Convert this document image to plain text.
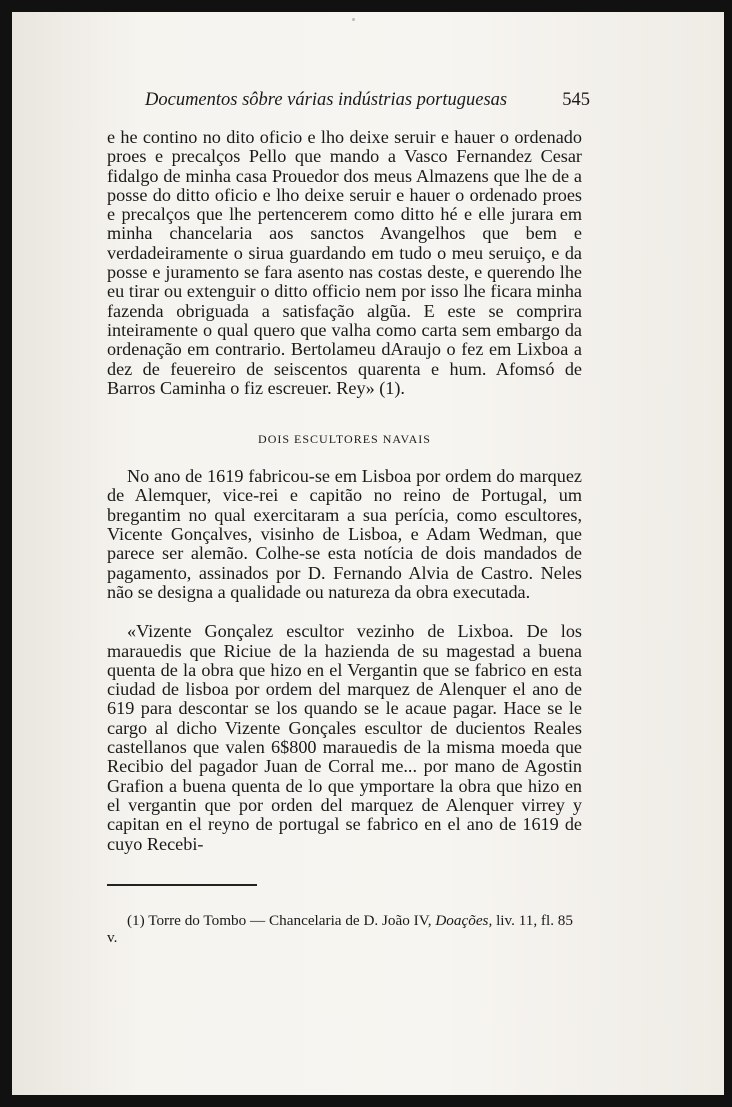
Documentos sôbre várias indústrias portuguesas	545

e he contino no dito oficio e lho deixe seruir e hauer o ordenado proes e precalços Pello que mando a Vasco Fernandez Cesar fidalgo de minha casa Prouedor dos meus Almazens que lhe de a posse do ditto oficio e lho deixe seruir e hauer o ordenado proes e precalços que lhe pertencerem como ditto hé e elle jurara em minha chancelaria aos sanctos Avangelhos que bem e verdadeiramente o sirua guardando em tudo o meu seruiço, e da posse e juramento se fara asento nas costas deste, e querendo lhe eu tirar ou extenguir o ditto officio nem por isso lhe ficara minha fazenda obriguada a satisfação algũa. E este se comprira inteiramente o qual quero que valha como carta sem embargo da ordenação em contrario. Bertolameu dAraujo o fez em Lixboa a dez de feuereiro de seiscentos quarenta e hum. Afomsó de Barros Caminha o fiz escreuer. Rey» (1).

DOIS ESCULTORES NAVAIS

No ano de 1619 fabricou-se em Lisboa por ordem do marquez de Alemquer, vice-rei e capitão no reino de Portugal, um bregantim no qual exercitaram a sua perícia, como escultores, Vicente Gonçalves, visinho de Lisboa, e Adam Wedman, que parece ser alemão. Colhe-se esta notícia de dois mandados de pagamento, assinados por D. Fernando Alvia de Castro. Neles não se designa a qualidade ou natureza da obra executada.

«Vizente Gonçalez escultor vezinho de Lixboa. De los marauedis que Riciue de la hazienda de su magestad a buena quenta de la obra que hizo en el Vergantin que se fabrico en esta ciudad de lisboa por ordem del marquez de Alenquer el ano de 619 para descontar se los quando se le acaue pagar. Hace se le cargo al dicho Vizente Gonçales escultor de ducientos Reales castellanos que valen 6$800 marauedis de la misma moeda que Recibio del pagador Juan de Corral me... por mano de Agostin Grafion a buena quenta de lo que ymportare la obra que hizo en el vergantin que por orden del marquez de Alenquer virrey y capitan en el reyno de portugal se fabrico en el ano de 1619 de cuyo Recebi-

(1) Torre do Tombo — Chancelaria de D. João IV, Doações, liv. 11, fl. 85 v.
